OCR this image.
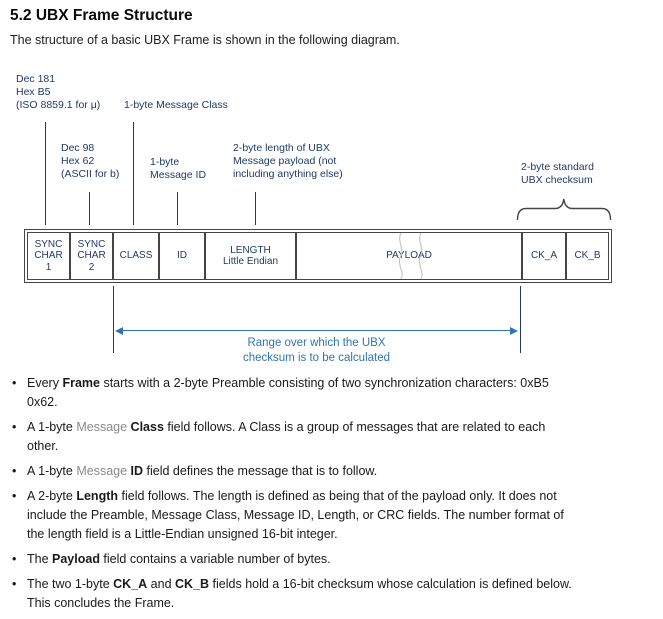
5.2 UBX Frame Structure
The structure of a basic UBX Frame is shown in the following diagram.
Dec 181
Hex B5
(ISO 8859.1 for μ) 1-byte Message Class
Dec 98
Hex 62
(ASCII for b)
1-byte
Message ID
2-byte length of UBX
Message payload (not
including anything else)
2-byte standard
UBX checksum
SYNC
CHAR
1
SYNC
CHAR
2
CLASS ID
LENGTH
Little Endian
PAYLOAD	CK_A CK_B
Range over which the UBX
checksum is to be calculated
• Every Frame starts with a 2-byte Preamble consisting of two synchronization characters: 0xB5
0x62.
• A 1-byte Message Class field follows. A Class is a group of messages that are related to each
other.
• A 1-byte Message ID field defines the message that is to follow.
• A 2-byte Length field follows. The length is defined as being that of the payload only. It does not
include the Preamble, Message Class, Message ID, Length, or CRC fields. The number format of
the length field is a Little-Endian unsigned 16-bit integer.
• The Payload field contains a variable number of bytes.
• The two 1-byte CK_A and CK_B fields hold a 16-bit checksum whose calculation is defined below.
This concludes the Frame.
